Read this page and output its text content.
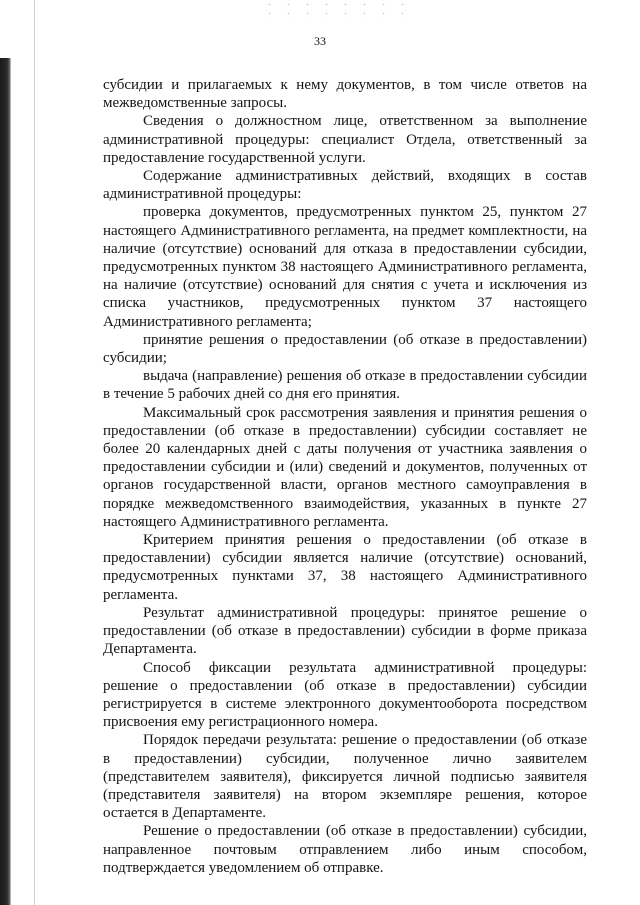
33

субсидии и прилагаемых к нему документов, в том числе ответов на межведомственные запросы.

Сведения о должностном лице, ответственном за выполнение административной процедуры: специалист Отдела, ответственный за предоставление государственной услуги.

Содержание административных действий, входящих в состав административной процедуры:

проверка документов, предусмотренных пунктом 25, пунктом 27 настоящего Административного регламента, на предмет комплектности, на наличие (отсутствие) оснований для отказа в предоставлении субсидии, предусмотренных пунктом 38 настоящего Административного регламента, на наличие (отсутствие) оснований для снятия с учета и исключения из списка участников, предусмотренных пунктом 37 настоящего Административного регламента;

принятие решения о предоставлении (об отказе в предоставлении) субсидии;

выдача (направление) решения об отказе в предоставлении субсидии в течение 5 рабочих дней со дня его принятия.

Максимальный срок рассмотрения заявления и принятия решения о предоставлении (об отказе в предоставлении) субсидии составляет не более 20 календарных дней с даты получения от участника заявления о предоставлении субсидии и (или) сведений и документов, полученных от органов государственной власти, органов местного самоуправления в порядке межведомственного взаимодействия, указанных в пункте 27 настоящего Административного регламента.

Критерием принятия решения о предоставлении (об отказе в предоставлении) субсидии является наличие (отсутствие) оснований, предусмотренных пунктами 37, 38 настоящего Административного регламента.

Результат административной процедуры: принятое решение о предоставлении (об отказе в предоставлении) субсидии в форме приказа Департамента.

Способ фиксации результата административной процедуры: решение о предоставлении (об отказе в предоставлении) субсидии регистрируется в системе электронного документооборота посредством присвоения ему регистрационного номера.

Порядок передачи результата: решение о предоставлении (об отказе в предоставлении) субсидии, полученное лично заявителем (представителем заявителя), фиксируется личной подписью заявителя (представителя заявителя) на втором экземпляре решения, которое остается в Департаменте.

Решение о предоставлении (об отказе в предоставлении) субсидии, направленное почтовым отправлением либо иным способом, подтверждается уведомлением об отправке.
